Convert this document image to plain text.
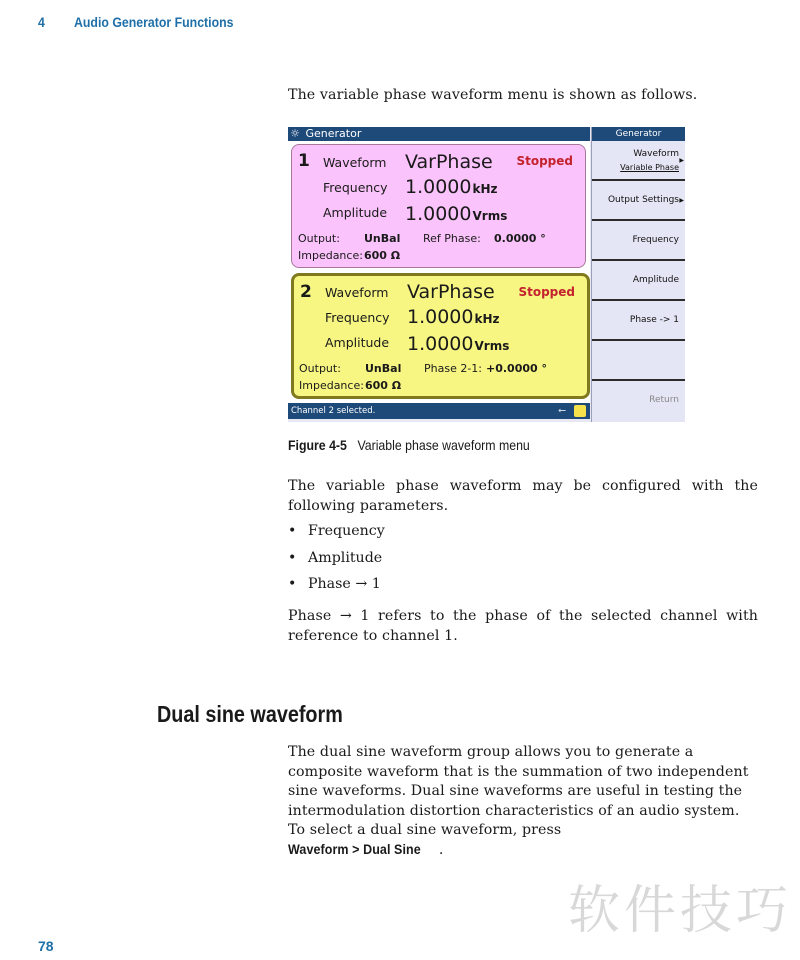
4 Audio Generator Functions
The variable phase waveform menu is shown as follows.
☼ Generator
1 Waveform VarPhase Stopped
Frequency 1.0000kHz
Amplitude 1.0000Vrms
Output: UnBal Ref Phase: 0.0000 °
Impedance: 600 Ω
2 Waveform VarPhase Stopped
Frequency 1.0000kHz
Amplitude 1.0000Vrms
Output: UnBal Phase 2-1: +0.0000 °
Impedance: 600 Ω
Channel 2 selected.	⭠
Generator
Waveform
Variable Phase
▶
Output Settings ▶
Frequency
Amplitude
Phase -> 1
Return
Figure 4-5 Variable phase waveform menu
The variable phase waveform may be configured with the following parameters.
• Frequency
• Amplitude
• Phase → 1
Phase → 1 refers to the phase of the selected channel with reference to channel 1.
Dual sine waveform
The dual sine waveform group allows you to generate a composite waveform that is the summation of two independent sine waveforms. Dual sine waveforms are useful in testing the intermodulation distortion characteristics of an audio system. To select a dual sine waveform, press
Waveform > Dual Sine .
78
软件技巧
